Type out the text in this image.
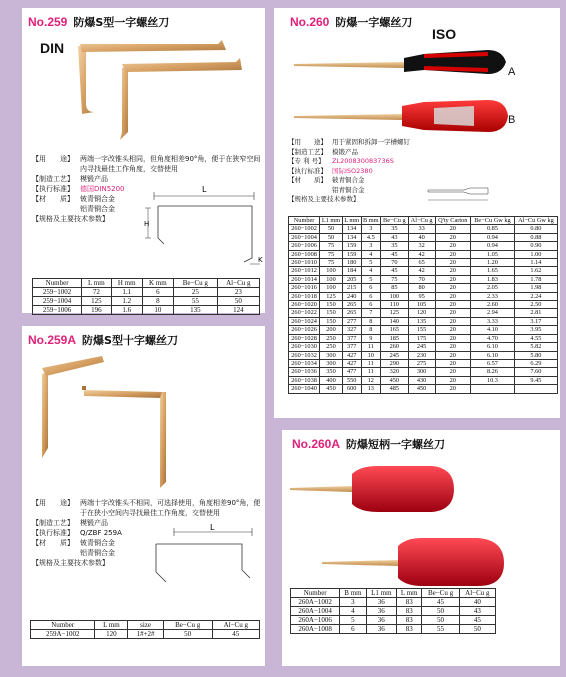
No.259 防爆S型一字螺丝刀
DIN
【用　　途】 两端一字改锥头相同，但角度相差90°角，便于在狭窄空间内寻找最佳工作角度，交替使用
【制造工艺】 模锻产品
【执行标准】 德国DIN5200
【材　　质】 铍青铜合金
铝青铜合金
【规格及主要技术参数】
L
H
K
Number	L mm	H mm	K mm	Be−Cu g	Al−Cu g
259−1002	72	1.1	6	25	23
259−1004	125	1.2	8	55	50
259−1006	196	1.6	10	135	124
No.259A 防爆S型十字螺丝刀
【用　　途】 两端十字改锥头不相同，可选择使用，角度相差90°角，便于在狭小空间内寻找最佳工作角度，交替使用
【制造工艺】 模锻产品
【执行标准】 Q/ZBF 259A
【材　　质】 铍青铜合金
铝青铜合金
【规格及主要技术参数】
L
Number	L mm	size	Be−Cu g	Al−Cu g
259A−1002	120	1#+2#	50	45
No.260 防爆一字螺丝刀
ISO
A
B
【用　　途】 用于紧固和拆卸一字槽螺钉
【制造工艺】 模锻产品
【专 利 号】	ZL200830083736S
【执行标准】 国际ISO2380
【材　　质】 铍青铜合金
铝青铜合金
【规格及主要技术参数】
Number	L1 mm	L mm	B mm	Be−Cu g	Al−Cu g	Q'ty Carton	Be−Cu Gw kg	Al−Cu Gw kg
260−1002	50	134	3	35	33	20	0.85	0.80
260−1004	50	134	4.5	43	40	20	0.94	0.88
260−1006	75	159	3	35	32	20	0.94	0.90
260−1008	75	159	4	45	42	20	1.05	1.00
260−1010	75	180	5	70	65	20	1.20	1.14
260−1012	100	184	4	45	42	20	1.65	1.62
260−1014	100	205	5	75	70	20	1.83	1.78
260−1016	100	215	6	85	80	20	2.05	1.98
260−1018	125	240	6	100	95	20	2.33	2.24
260−1020	150	265	6	110	105	20	2.60	2.50
260−1022	150	265	7	125	120	20	2.94	2.81
260−1024	150	277	8	140	135	20	3.33	3.17
260−1026	200	327	8	165	155	20	4.10	3.95
260−1028	250	377	9	185	175	20	4.70	4.55
260−1030	250	377	11	260	245	20	6.10	5.82
260−1032	300	427	10	245	230	20	6.10	5.80
260−1034	300	427	11	290	275	20	6.57	6.29
260−1036	350	477	11	320	300	20	8.26	7.60
260−1038	400	550	12	450	430	20	10.3	9.45
260−1040	450	600	13	485	450	20		
No.260A 防爆短柄一字螺丝刀
Number	B mm	L1 mm	L mm	Be−Cu g	Al−Cu g
260A−1002	3	36	83	45	40
260A−1004	4	36	83	50	43
260A−1006	5	36	83	50	45
260A−1008	6	36	83	55	50
